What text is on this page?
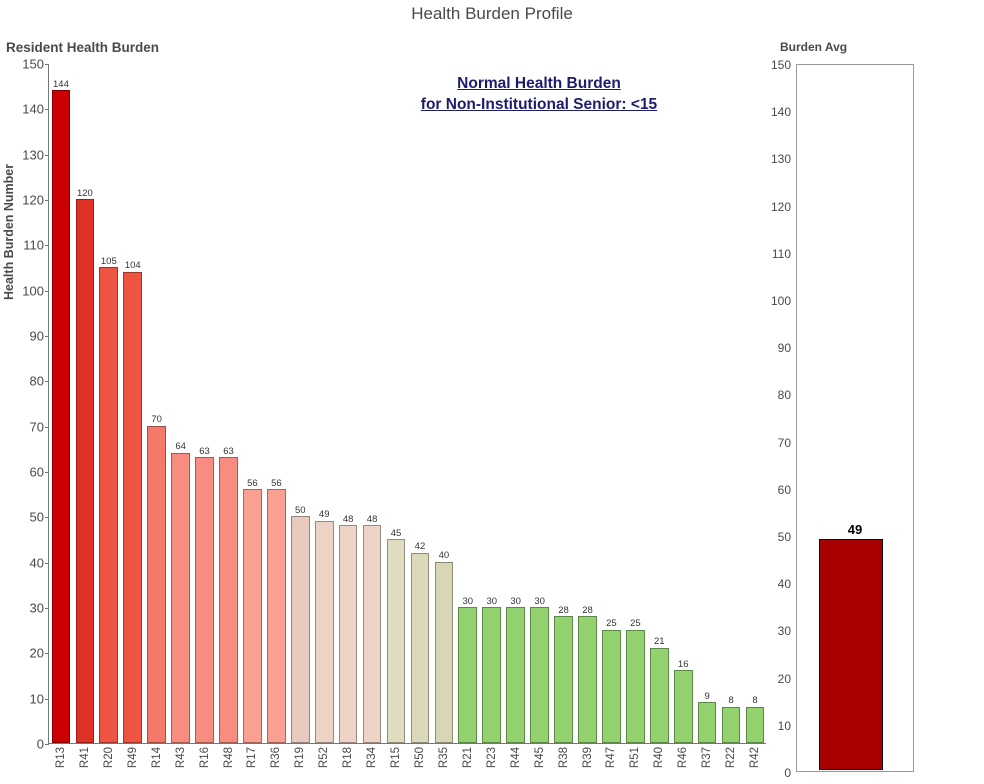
Health Burden Profile
Resident Health Burden	Burden Avg
Health Burden Number
0
10
20
30
40
50
60
70
80
90
100
110
120
130
140
150
R13
144
R41
120
R20
105
R49
104
R14
70
R43
64
R16
63
R48
63
R17
56
R36
56
R19
50
R52
49
R18
48
R34
48
R15
45
R50
42
R35
40
R21
30
R23
30
R44
30
R45
30
R38
28
R39
28
R47
25
R51
25
R40
21
R46
16
R37
9
R22
8
R42
8
Normal Health Burden
for Non-Institutional Senior: <15
0
10
20
30
40
50
60
70
80
90
100
110
120
130
140
150
49
